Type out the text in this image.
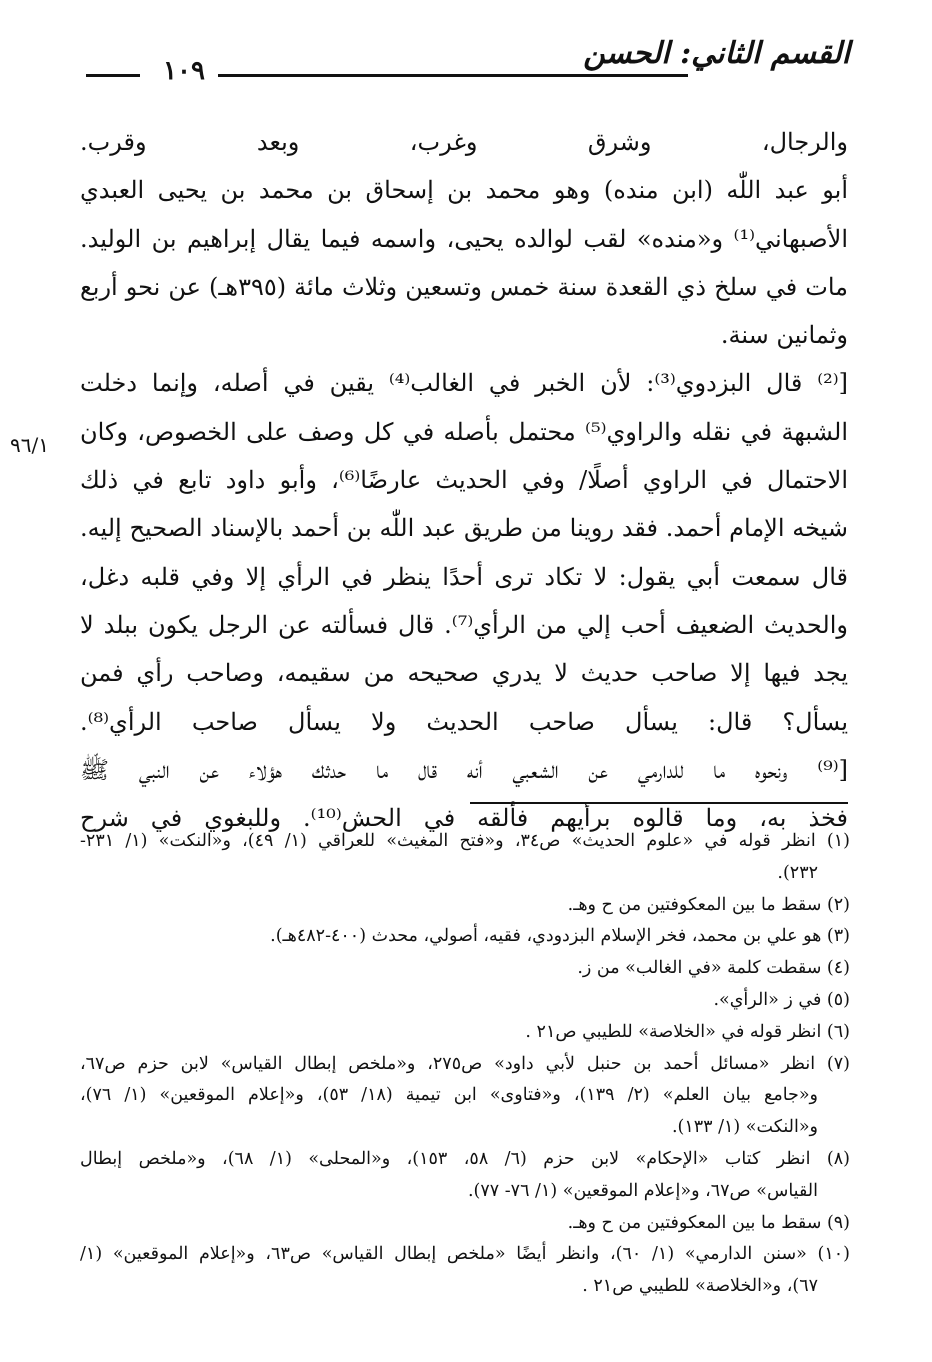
القسم الثاني: الحسن
١٠٩
٩٦/١
والرجال، وشرق وغرب، وبعد وقرب.
أبو عبد اللّٰه (ابن منده) وهو محمد بن إسحاق بن محمد بن يحيى العبدي
الأصبهاني⁽¹⁾ و«منده» لقب لوالده يحيى، واسمه فيما يقال إبراهيم بن الوليد.
مات في سلخ ذي القعدة سنة خمس وتسعين وثلاث مائة (٣٩٥هـ) عن نحو أربع
وثمانين سنة.
[⁽²⁾ قال البزدوي⁽³⁾: لأن الخبر في الغالب⁽⁴⁾ يقين في أصله، وإنما دخلت
الشبهة في نقله والراوي⁽⁵⁾ محتمل بأصله في كل وصف على الخصوص، وكان
الاحتمال في الراوي أصلًا/ وفي الحديث عارضًا⁽⁶⁾، وأبو داود تابع في ذلك
شيخه الإمام أحمد. فقد روينا من طريق عبد اللّٰه بن أحمد بالإسناد الصحيح إليه.
قال سمعت أبي يقول: لا تكاد ترى أحدًا ينظر في الرأي إلا وفي قلبه دغل،
والحديث الضعيف أحب إلي من الرأي⁽⁷⁾. قال فسألته عن الرجل يكون ببلد لا
يجد فيها إلا صاحب حديث لا يدري صحيحه من سقيمه، وصاحب رأي فمن
يسأل؟ قال: يسأل صاحب الحديث ولا يسأل صاحب الرأي⁽⁸⁾.
[⁽⁹⁾ ونحوه ما للدارمي عن الشعبي أنه قال ما حدثك هؤلاء عن النبي ﷺ
فخذ به، وما قالوه برأيهم فألقه في الحش⁽¹⁰⁾. وللبغوي في شرح
(١) انظر قوله في «علوم الحديث» ص٣٤، و«فتح المغيث» للعراقي (١/ ٤٩)، و«النكت» (١/ ٢٣١-
٢٣٢).
(٢) سقط ما بين المعكوفتين من ح وهـ.
(٣) هو علي بن محمد، فخر الإسلام البزدودي، فقيه، أصولي، محدث (٤٠٠-٤٨٢هـ).
(٤) سقطت كلمة «في الغالب» من ز.
(٥) في ز «الرأي».
(٦) انظر قوله في «الخلاصة» للطيبي ص٢١ .
(٧) انظر «مسائل أحمد بن حنبل لأبي داود» ص٢٧٥، و«ملخص إبطال القياس» لابن حزم ص٦٧،
و«جامع بيان العلم» (٢/ ١٣٩)، و«فتاوى» ابن تيمية (١٨/ ٥٣)، و«إعلام الموقعين» (١/ ٧٦)،
و«النكت» (١/ ١٣٣).
(٨) انظر كتاب «الإحكام» لابن حزم (٦/ ٥٨، ١٥٣)، و«المحلى» (١/ ٦٨)، و«ملخص إبطال
القياس» ص٦٧، و«إعلام الموقعين» (١/ ٧٦- ٧٧).
(٩) سقط ما بين المعكوفتين من ح وهـ.
(١٠) «سنن الدارمي» (١/ ٦٠)، وانظر أيضًا «ملخص إبطال القياس» ص٦٣، و«إعلام الموقعين» (١/
٦٧)، و«الخلاصة» للطيبي ص٢١ .
